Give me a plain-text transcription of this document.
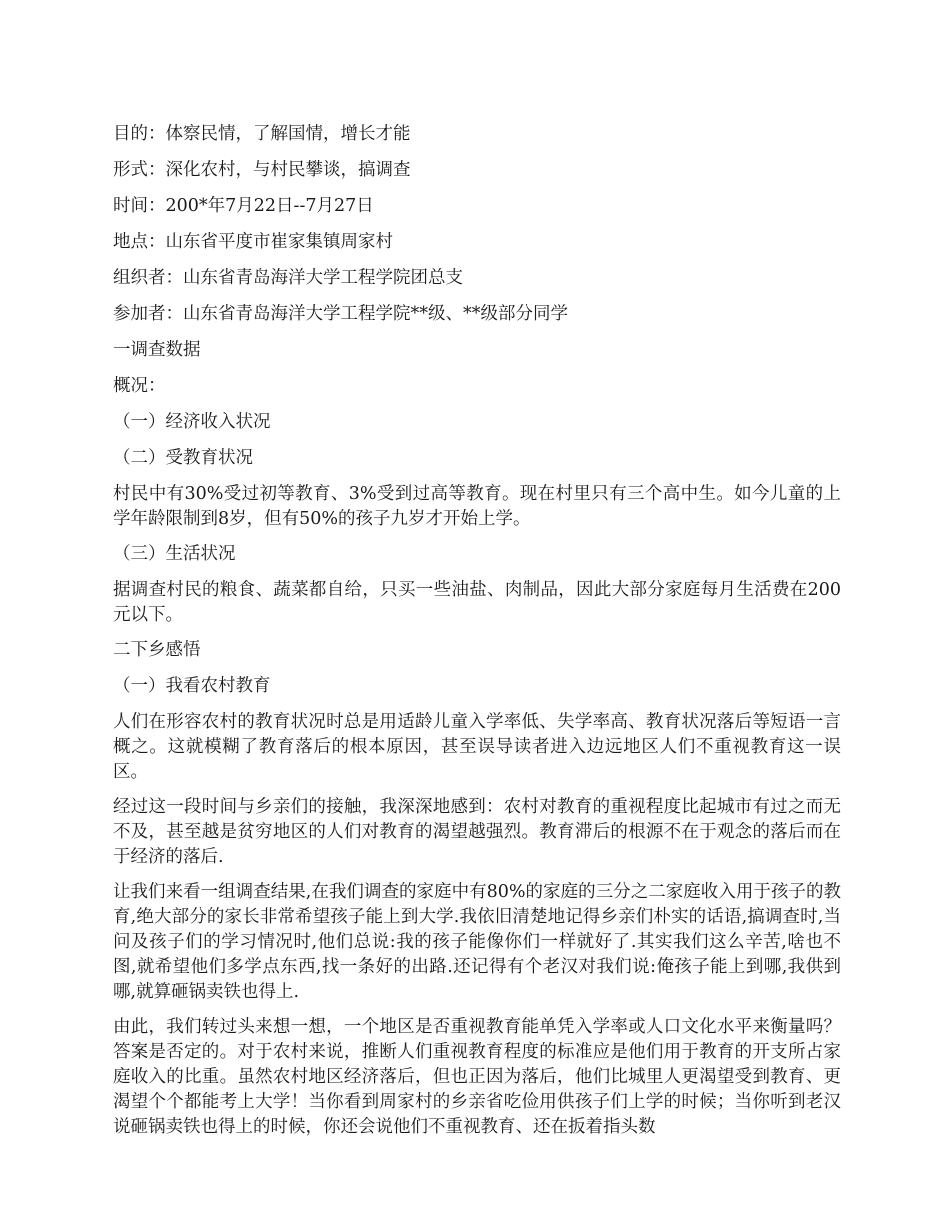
目的：体察民情，了解国情，增长才能
形式：深化农村，与村民攀谈，搞调查
时间：200*年7月22日--7月27日
地点：山东省平度市崔家集镇周家村
组织者：山东省青岛海洋大学工程学院团总支
参加者：山东省青岛海洋大学工程学院**级、**级部分同学
一调查数据
概况：
（一）经济收入状况
（二）受教育状况
村民中有30%受过初等教育、3%受到过高等教育。现在村里只有三个高中生。如今儿童的上学年龄限制到8岁，但有50%的孩子九岁才开始上学。
（三）生活状况
据调查村民的粮食、蔬菜都自给，只买一些油盐、肉制品，因此大部分家庭每月生活费在200元以下。
二下乡感悟
（一）我看农村教育
人们在形容农村的教育状况时总是用适龄儿童入学率低、失学率高、教育状况落后等短语一言概之。这就模糊了教育落后的根本原因，甚至误导读者进入边远地区人们不重视教育这一误区。
经过这一段时间与乡亲们的接触，我深深地感到：农村对教育的重视程度比起城市有过之而无不及，甚至越是贫穷地区的人们对教育的渴望越强烈。教育滞后的根源不在于观念的落后而在于经济的落后.
让我们来看一组调查结果,在我们调查的家庭中有80%的家庭的三分之二家庭收入用于孩子的教育,绝大部分的家长非常希望孩子能上到大学.我依旧清楚地记得乡亲们朴实的话语,搞调查时,当问及孩子们的学习情况时,他们总说:我的孩子能像你们一样就好了.其实我们这么辛苦,啥也不图,就希望他们多学点东西,找一条好的出路.还记得有个老汉对我们说:俺孩子能上到哪,我供到哪,就算砸锅卖铁也得上.
由此，我们转过头来想一想，一个地区是否重视教育能单凭入学率或人口文化水平来衡量吗？答案是否定的。对于农村来说，推断人们重视教育程度的标准应是他们用于教育的开支所占家庭收入的比重。虽然农村地区经济落后，但也正因为落后，他们比城里人更渴望受到教育、更渴望个个都能考上大学！当你看到周家村的乡亲省吃俭用供孩子们上学的时候；当你听到老汉说砸锅卖铁也得上的时候，你还会说他们不重视教育、还在扳着指头数
